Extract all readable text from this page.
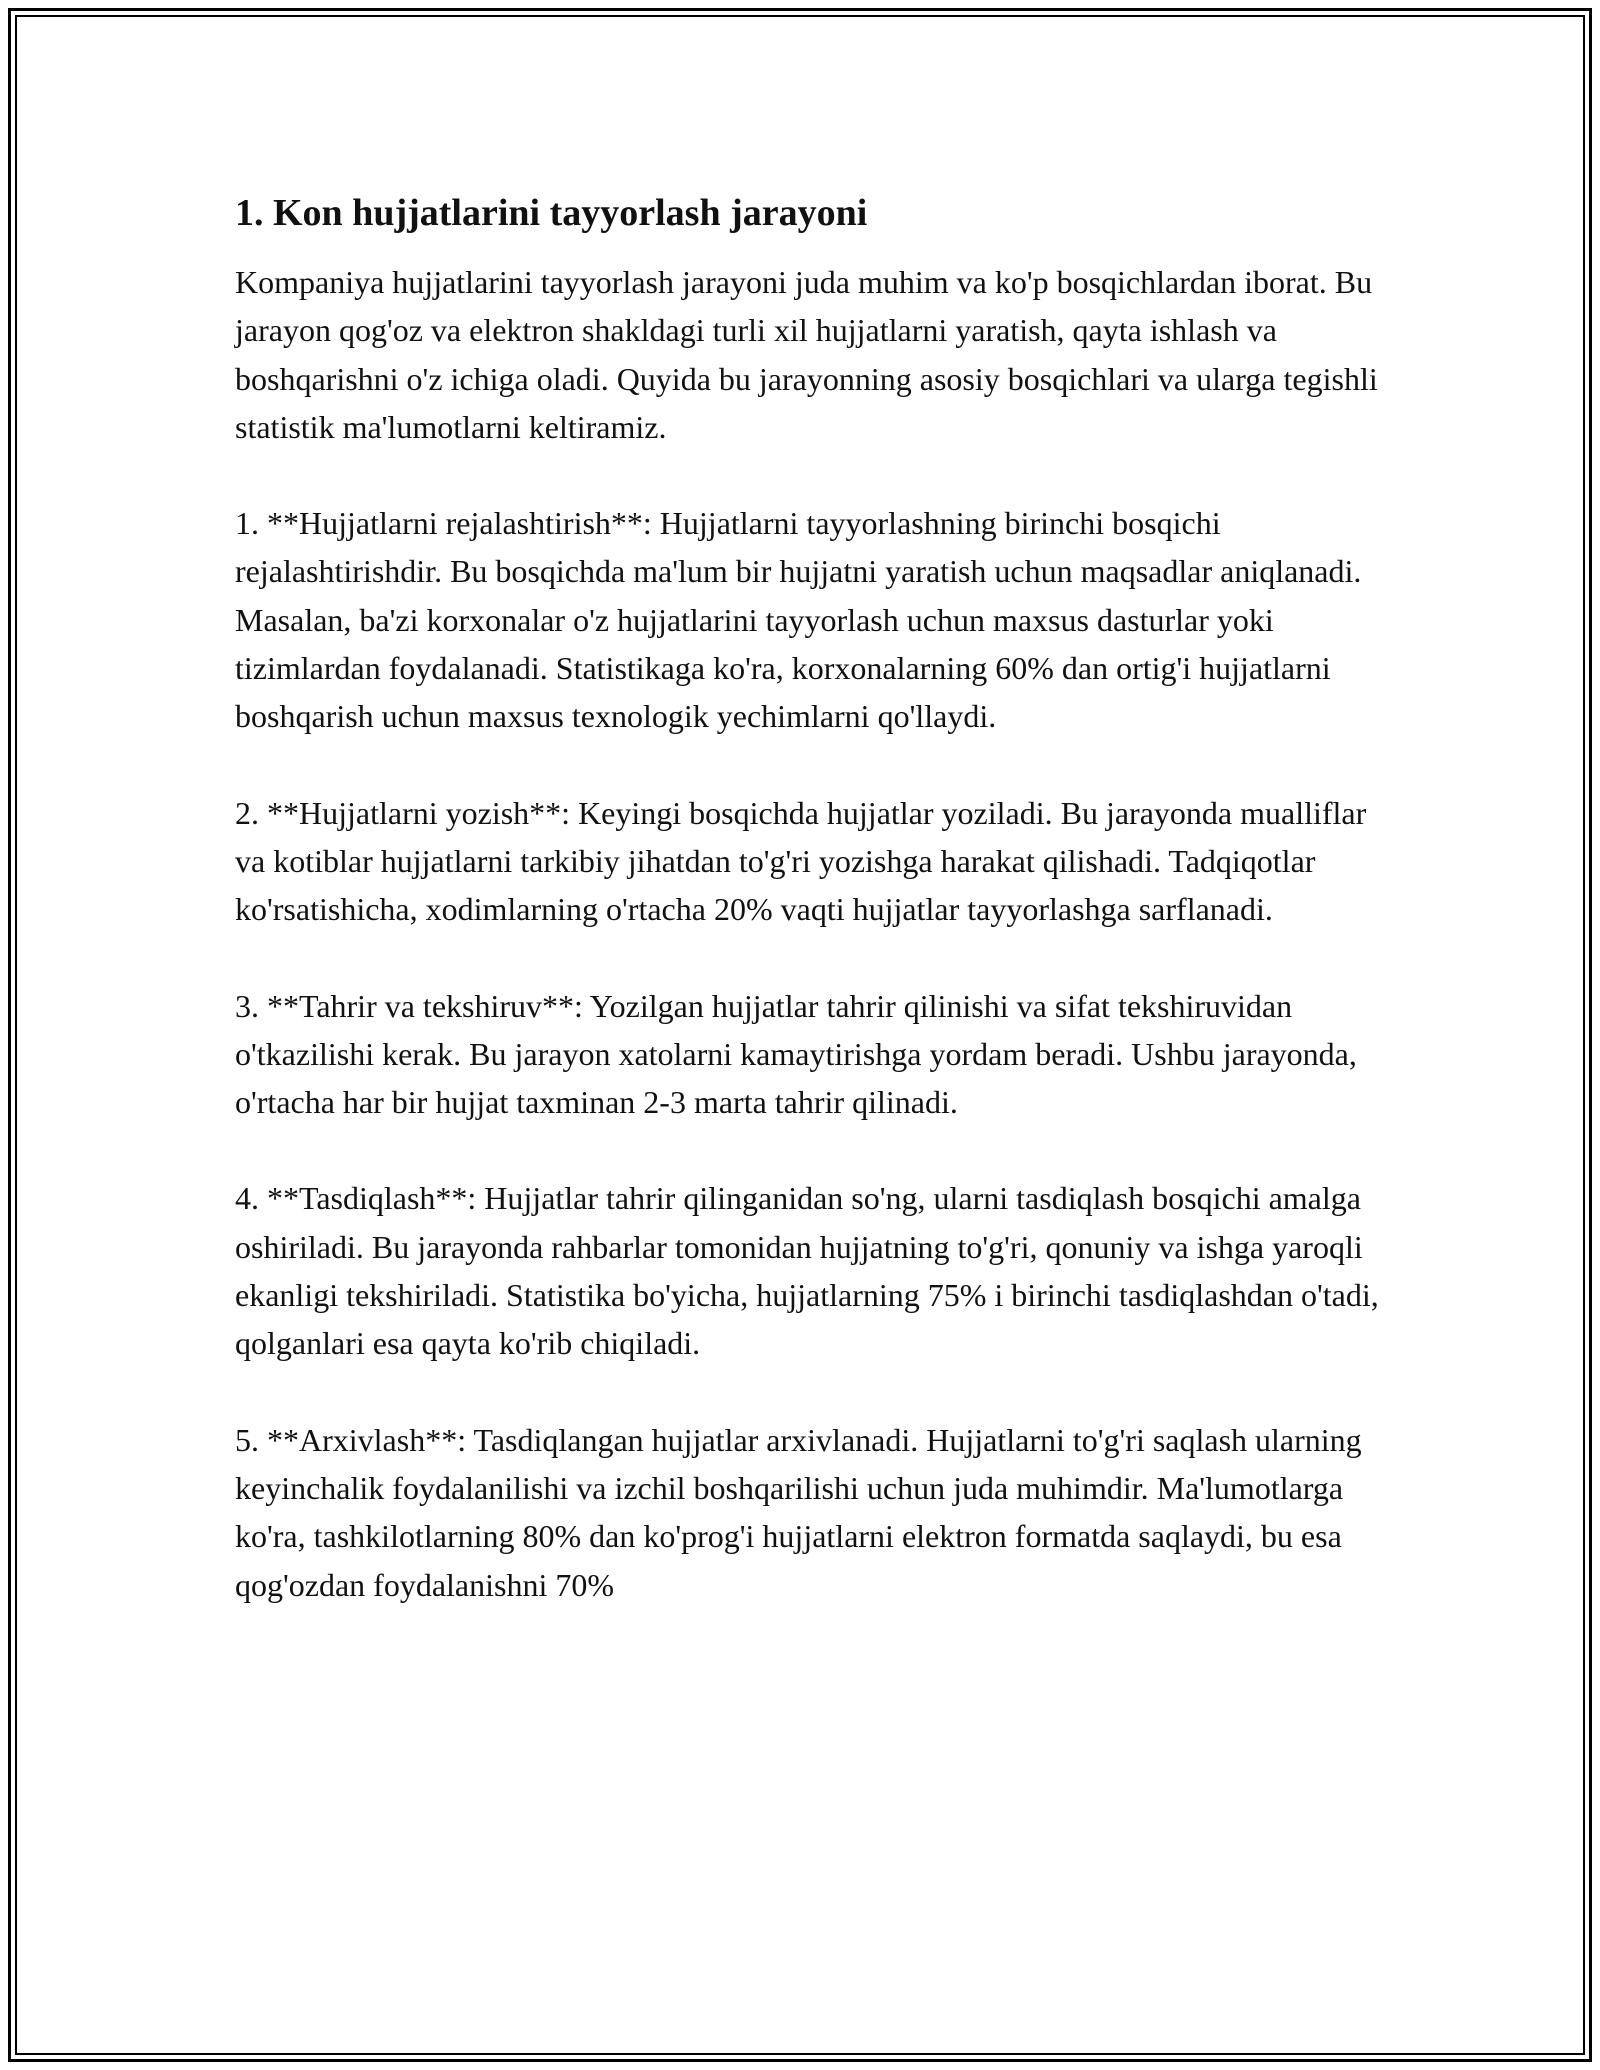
1. Kon hujjatlarini tayyorlash jarayoni

Kompaniya hujjatlarini tayyorlash jarayoni juda muhim va ko'p bosqichlardan iborat. Bu jarayon qog'oz va elektron shakldagi turli xil hujjatlarni yaratish, qayta ishlash va boshqarishni o'z ichiga oladi. Quyida bu jarayonning asosiy bosqichlari va ularga tegishli statistik ma'lumotlarni keltiramiz.

1. **Hujjatlarni rejalashtirish**: Hujjatlarni tayyorlashning birinchi bosqichi rejalashtirishdir. Bu bosqichda ma'lum bir hujjatni yaratish uchun maqsadlar aniqlanadi. Masalan, ba'zi korxonalar o'z hujjatlarini tayyorlash uchun maxsus dasturlar yoki tizimlardan foydalanadi. Statistikaga ko'ra, korxonalarning 60% dan ortig'i hujjatlarni boshqarish uchun maxsus texnologik yechimlarni qo'llaydi.

2. **Hujjatlarni yozish**: Keyingi bosqichda hujjatlar yoziladi. Bu jarayonda mualliflar va kotiblar hujjatlarni tarkibiy jihatdan to'g'ri yozishga harakat qilishadi. Tadqiqotlar ko'rsatishicha, xodimlarning o'rtacha 20% vaqti hujjatlar tayyorlashga sarflanadi.

3. **Tahrir va tekshiruv**: Yozilgan hujjatlar tahrir qilinishi va sifat tekshiruvidan o'tkazilishi kerak. Bu jarayon xatolarni kamaytirishga yordam beradi. Ushbu jarayonda, o'rtacha har bir hujjat taxminan 2-3 marta tahrir qilinadi.

4. **Tasdiqlash**: Hujjatlar tahrir qilinganidan so'ng, ularni tasdiqlash bosqichi amalga oshiriladi. Bu jarayonda rahbarlar tomonidan hujjatning to'g'ri, qonuniy va ishga yaroqli ekanligi tekshiriladi. Statistika bo'yicha, hujjatlarning 75% i birinchi tasdiqlashdan o'tadi, qolganlari esa qayta ko'rib chiqiladi.

5. **Arxivlash**: Tasdiqlangan hujjatlar arxivlanadi. Hujjatlarni to'g'ri saqlash ularning keyinchalik foydalanilishi va izchil boshqarilishi uchun juda muhimdir. Ma'lumotlarga ko'ra, tashkilotlarning 80% dan ko'prog'i hujjatlarni elektron formatda saqlaydi, bu esa qog'ozdan foydalanishni 70%
